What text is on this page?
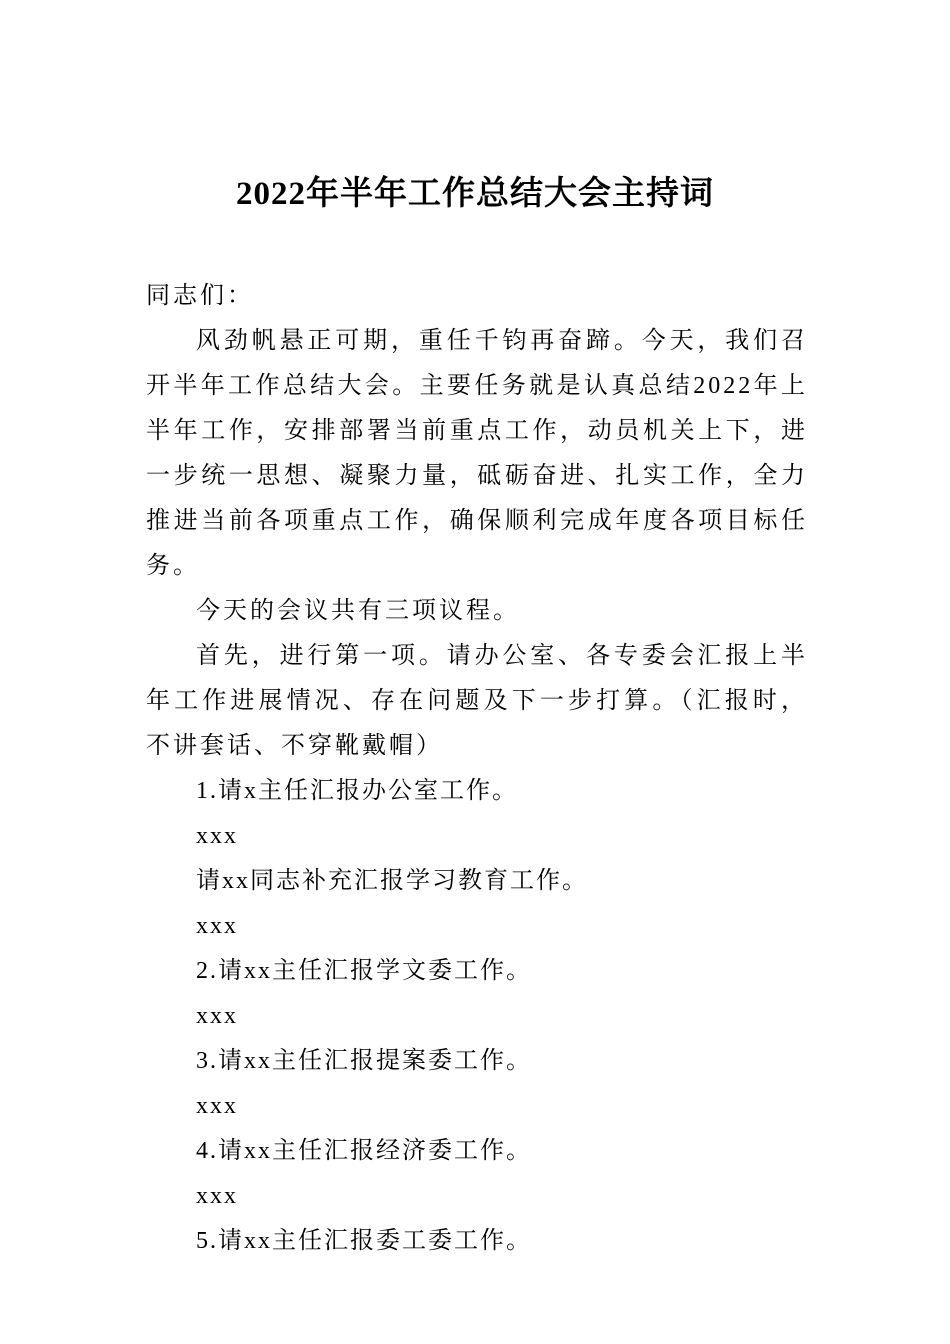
2022年半年工作总结大会主持词

同志们：

风劲帆悬正可期，重任千钧再奋蹄。今天，我们召开半年工作总结大会。主要任务就是认真总结2022年上半年工作，安排部署当前重点工作，动员机关上下，进一步统一思想、凝聚力量，砥砺奋进、扎实工作，全力推进当前各项重点工作，确保顺利完成年度各项目标任务。

今天的会议共有三项议程。

首先，进行第一项。请办公室、各专委会汇报上半年工作进展情况、存在问题及下一步打算。（汇报时，不讲套话、不穿靴戴帽）

1.请x主任汇报办公室工作。

xxx

请xx同志补充汇报学习教育工作。

xxx

2.请xx主任汇报学文委工作。

xxx

3.请xx主任汇报提案委工作。

xxx

4.请xx主任汇报经济委工作。

xxx

5.请xx主任汇报委工委工作。
